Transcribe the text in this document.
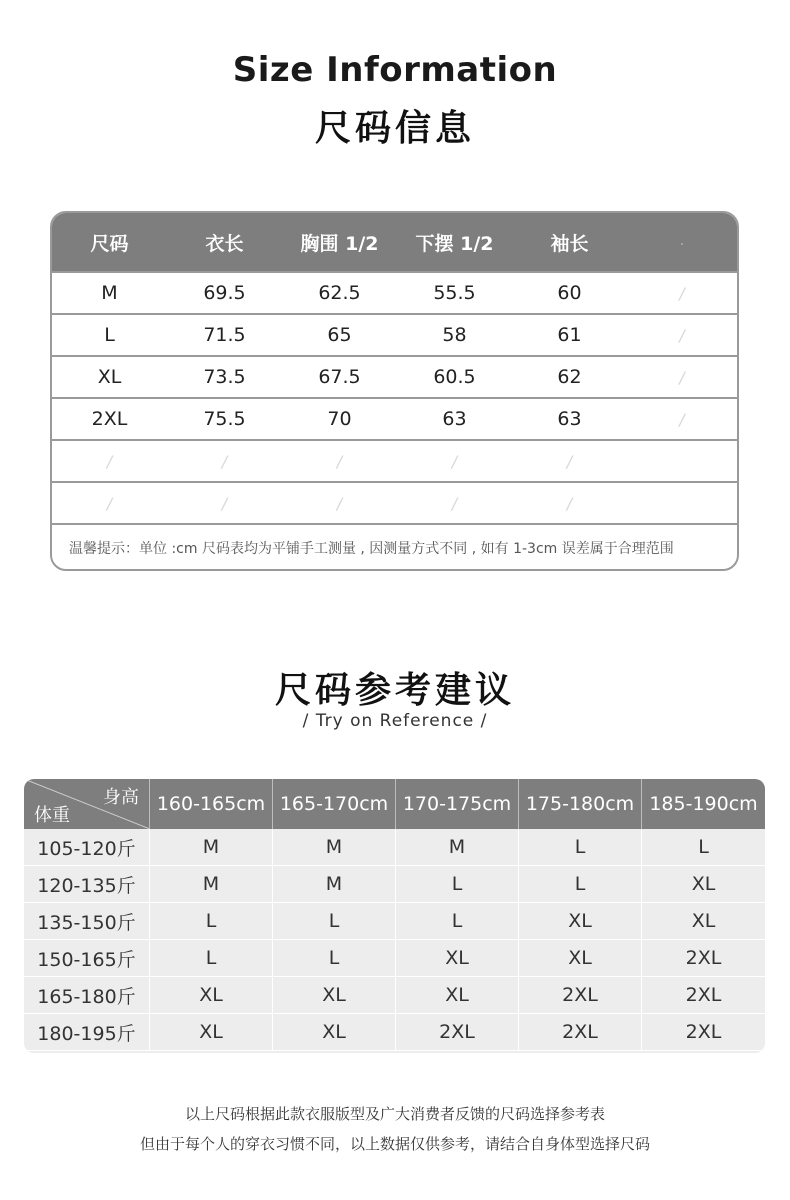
Size Information
尺码信息
尺码	衣长	胸围 1/2	下摆 1/2	袖长	.
M	69.5	62.5	55.5	60	/
L	71.5	65	58	61	/
XL	73.5	67.5	60.5	62	/
2XL	75.5	70	63	63	/
/	/	/	/	/
/	/	/	/	/
温馨提示：单位 :cm 尺码表均为平铺手工测量 , 因测量方式不同 , 如有 1-3cm 误差属于合理范围
尺码参考建议
/ Try on Reference /
身高
体重
160-165cm 165-170cm 170-175cm 175-180cm 185-190cm
105-120斤	M	M	M	L	L
120-135斤	M	M	L	L	XL
135-150斤	L	L	L	XL	XL
150-165斤	L	L	XL	XL	2XL
165-180斤	XL	XL	XL	2XL	2XL
180-195斤	XL	XL	2XL	2XL	2XL
以上尺码根据此款衣服版型及广大消费者反馈的尺码选择参考表
但由于每个人的穿衣习惯不同，以上数据仅供参考，请结合自身体型选择尺码
